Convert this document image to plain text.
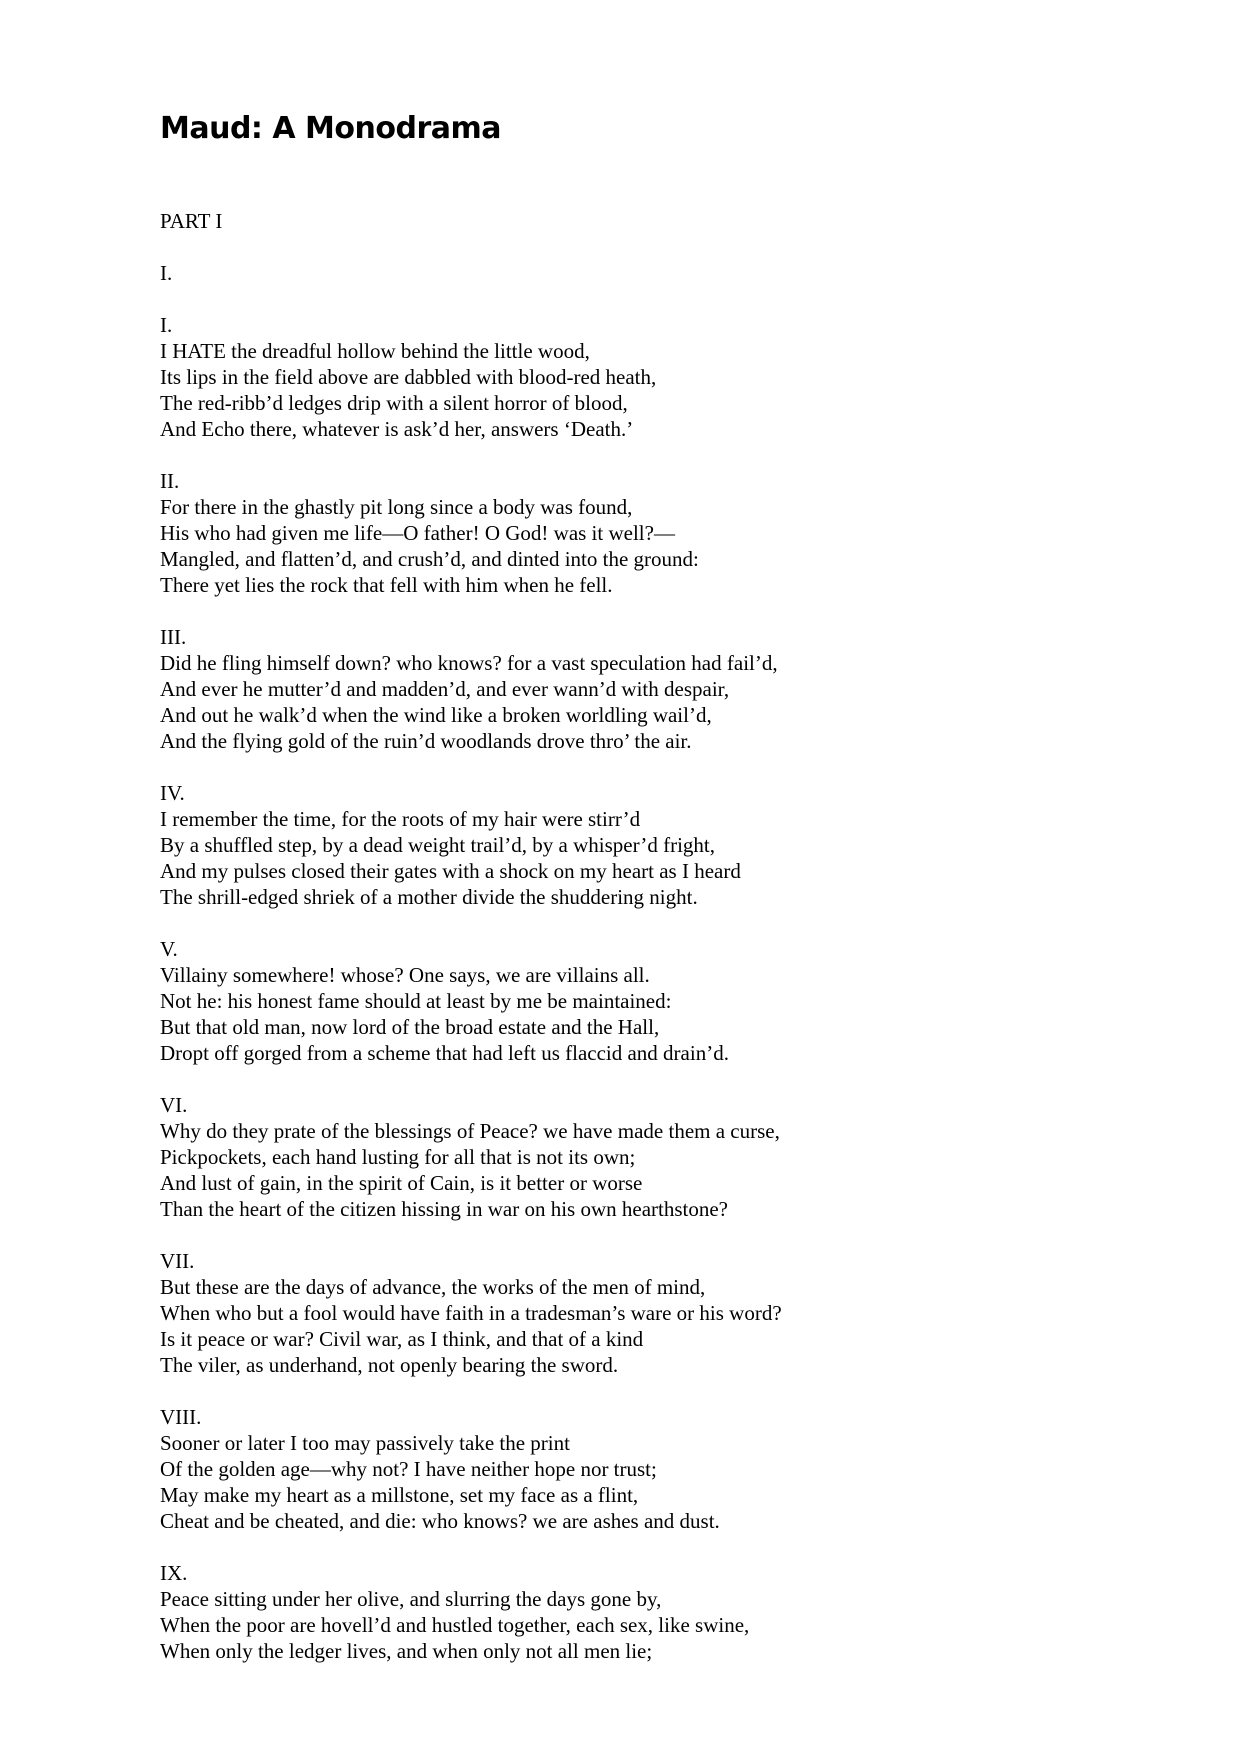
Maud: A Monodrama

PART I

I.

I.

I HATE the dreadful hollow behind the little wood,

Its lips in the field above are dabbled with blood-red heath,

The red-ribb’d ledges drip with a silent horror of blood,

And Echo there, whatever is ask’d her, answers ‘Death.’

II.

For there in the ghastly pit long since a body was found,

His who had given me life—O father! O God! was it well?—

Mangled, and flatten’d, and crush’d, and dinted into the ground:

There yet lies the rock that fell with him when he fell.

III.

Did he fling himself down? who knows? for a vast speculation had fail’d,

And ever he mutter’d and madden’d, and ever wann’d with despair,

And out he walk’d when the wind like a broken worldling wail’d,

And the flying gold of the ruin’d woodlands drove thro’ the air.

IV.

I remember the time, for the roots of my hair were stirr’d

By a shuffled step, by a dead weight trail’d, by a whisper’d fright,

And my pulses closed their gates with a shock on my heart as I heard

The shrill-edged shriek of a mother divide the shuddering night.

V.

Villainy somewhere! whose? One says, we are villains all.

Not he: his honest fame should at least by me be maintained:

But that old man, now lord of the broad estate and the Hall,

Dropt off gorged from a scheme that had left us flaccid and drain’d.

VI.

Why do they prate of the blessings of Peace? we have made them a curse,

Pickpockets, each hand lusting for all that is not its own;

And lust of gain, in the spirit of Cain, is it better or worse

Than the heart of the citizen hissing in war on his own hearthstone?

VII.

But these are the days of advance, the works of the men of mind,

When who but a fool would have faith in a tradesman’s ware or his word?

Is it peace or war? Civil war, as I think, and that of a kind

The viler, as underhand, not openly bearing the sword.

VIII.

Sooner or later I too may passively take the print

Of the golden age—why not? I have neither hope nor trust;

May make my heart as a millstone, set my face as a flint,

Cheat and be cheated, and die: who knows? we are ashes and dust.

IX.

Peace sitting under her olive, and slurring the days gone by,

When the poor are hovell’d and hustled together, each sex, like swine,

When only the ledger lives, and when only not all men lie;
